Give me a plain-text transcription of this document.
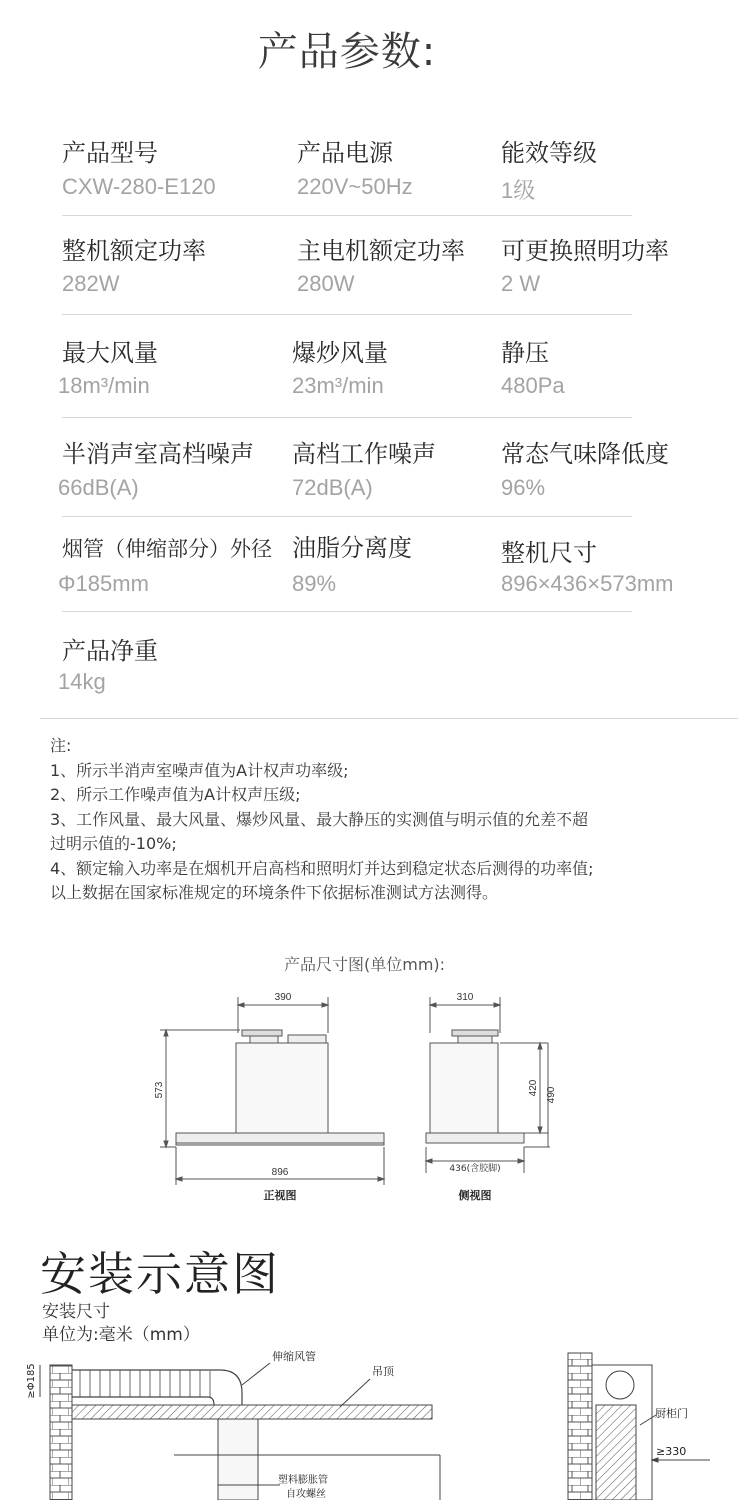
产品参数:
产品型号
CXW-280-E120
产品电源
220V~50Hz
能效等级
1级
整机额定功率
282W
主电机额定功率
280W
可更换照明功率
2 W
最大风量
18m³/min
爆炒风量
23m³/min
静压
480Pa
半消声室高档噪声
66dB(A)
高档工作噪声
72dB(A)
常态气味降低度
96%
烟管（伸缩部分）外径
Φ185mm
油脂分离度
89%
整机尺寸
896×436×573mm
产品净重
14kg
注:
1、所示半消声室噪声值为A计权声功率级;
2、所示工作噪声值为A计权声压级;
3、工作风量、最大风量、爆炒风量、最大静压的实测值与明示值的允差不超
过明示值的-10%;
4、额定输入功率是在烟机开启高档和照明灯并达到稳定状态后测得的功率值;
以上数据在国家标准规定的环境条件下依据标准测试方法测得。
产品尺寸图(单位mm):
390
573
896
310
420 490
436(含胶脚)
正视图	侧视图
安装示意图
安装尺寸
单位为:毫米（mm）
≥Φ185
伸缩风管
吊顶
塑料膨胀管
自攻螺丝
厨柜门
≥330
